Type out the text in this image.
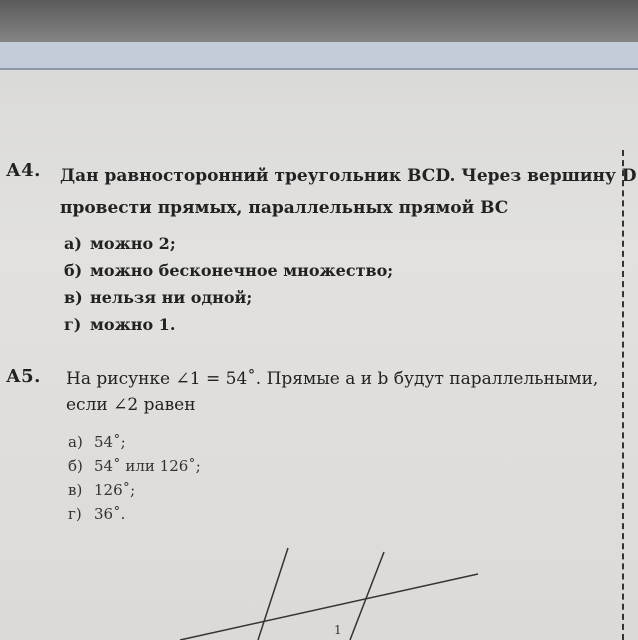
А4. Дан равносторонний треугольник BCD. Через вершину D
провести прямых, параллельных прямой BC
а) можно 2;
б) можно бесконечное множество;
в) нельзя ни одной;
г) можно 1.
А5. На рисунке ∠1 = 54˚. Прямые a и b будут параллельными,
если ∠2 равен
а) 54˚;
б) 54˚ или 126˚;
в) 126˚;
г) 36˚.
1
